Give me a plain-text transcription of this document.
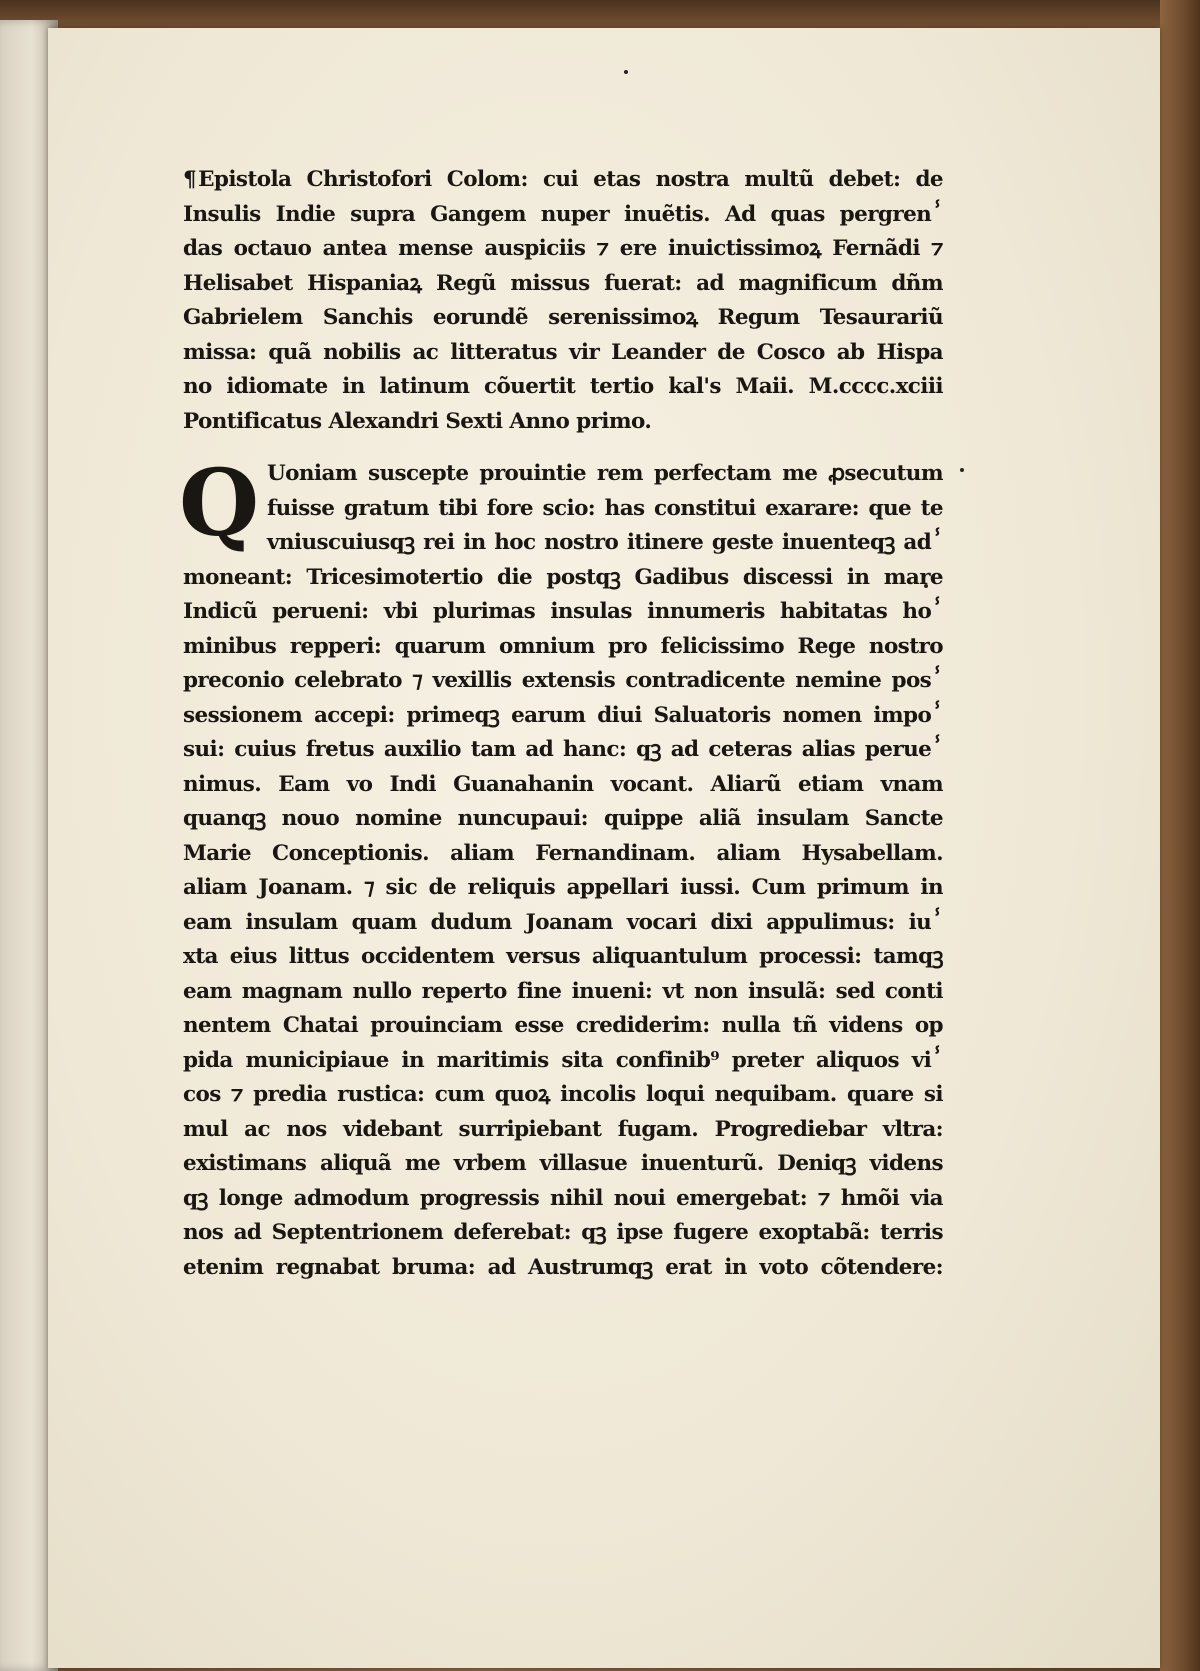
¶Epistola Christofori Colom: cui etas nostra multũ debet: de
Insulis Indie supra Gangem nuper inuẽtis. Ad quas pergrenⸯ
das octauo antea mense auspiciis ⁊ ere inuictissimoꝝ Fernãdi ⁊
Helisabet Hispaniaꝝ Regũ missus fuerat: ad magnificum dñm
Gabrielem Sanchis eorundẽ serenissimoꝝ Regum Tesaurariũ
missa: quã nobilis ac litteratus vir Leander de Cosco ab Hispa
no idiomate in latinum cõuertit tertio kal's Maii. M.cccc.xciii
Pontificatus Alexandri Sexti Anno primo.
Q Uoniam suscepte prouintie rem perfectam me ꝓsecutum
fuisse gratum tibi fore scio: has constitui exarare: que te
vniuscuiusqꝫ rei in hoc nostro itinere geste inuenteqꝫ adⸯ
moneant: Tricesimotertio die postqꝫ Gadibus discessi in mare
Indicũ perueni: vbi plurimas insulas innumeris habitatas hoⸯ
minibus repperi: quarum omnium pro felicissimo Rege nostro
preconio celebrato ⁊ vexillis extensis contradicente nemine posⸯ
sessionem accepi: primeqꝫ earum diui Saluatoris nomen impoⸯ
sui: cuius fretus auxilio tam ad hanc: qꝫ ad ceteras alias perueⸯ
nimus. Eam vo Indi Guanahanin vocant. Aliarũ etiam vnam
quanqꝫ nouo nomine nuncupaui: quippe aliã insulam Sancte
Marie Conceptionis. aliam Fernandinam. aliam Hysabellam.
aliam Joanam. ⁊ sic de reliquis appellari iussi. Cum primum in
eam insulam quam dudum Joanam vocari dixi appulimus: iuⸯ
xta eius littus occidentem versus aliquantulum processi: tamqꝫ
eam magnam nullo reperto fine inueni: vt non insulã: sed conti
nentem Chatai prouinciam esse crediderim: nulla tñ videns op
pida municipiaue in maritimis sita confinib⁹ preter aliquos viⸯ
cos ⁊ predia rustica: cum quoꝝ incolis loqui nequibam. quare si
mul ac nos videbant surripiebant fugam. Progrediebar vltra:
existimans aliquã me vrbem villasue inuenturũ. Deniqꝫ videns
qꝫ longe admodum progressis nihil noui emergebat: ⁊ hmõi via
nos ad Septentrionem deferebat: qꝫ ipse fugere exoptabã: terris
etenim regnabat bruma: ad Austrumqꝫ erat in voto cõtendere:
